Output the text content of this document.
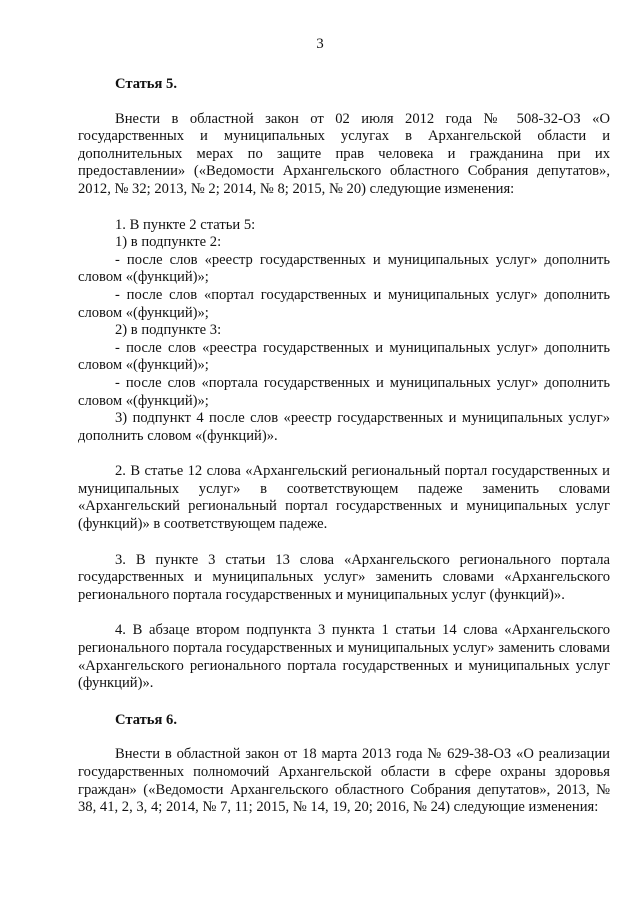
3

Статья 5.

Внести в областной закон от 02 июля 2012 года № 508-32-ОЗ «О государственных и муниципальных услугах в Архангельской области и дополнительных мерах по защите прав человека и гражданина при их предоставлении» («Ведомости Архангельского областного Собрания депутатов», 2012, № 32; 2013, № 2; 2014, № 8; 2015, № 20) следующие изменения:

1. В пункте 2 статьи 5:

1) в подпункте 2:

- после слов «реестр государственных и муниципальных услуг» дополнить словом «(функций)»;

- после слов «портал государственных и муниципальных услуг» дополнить словом «(функций)»;

2) в подпункте 3:

- после слов «реестра государственных и муниципальных услуг» дополнить словом «(функций)»;

- после слов «портала государственных и муниципальных услуг» дополнить словом «(функций)»;

3) подпункт 4 после слов «реестр государственных и муниципальных услуг» дополнить словом «(функций)».

2. В статье 12 слова «Архангельский региональный портал государственных и муниципальных услуг» в соответствующем падеже заменить словами «Архангельский региональный портал государственных и муниципальных услуг (функций)» в соответствующем падеже.

3. В пункте 3 статьи 13 слова «Архангельского регионального портала государственных и муниципальных услуг» заменить словами «Архангельского регионального портала государственных и муниципальных услуг (функций)».

4. В абзаце втором подпункта 3 пункта 1 статьи 14 слова «Архангельского регионального портала государственных и муниципальных услуг» заменить словами «Архангельского регионального портала государственных и муниципальных услуг (функций)».

Статья 6.

Внести в областной закон от 18 марта 2013 года № 629-38-ОЗ «О реализации государственных полномочий Архангельской области в сфере охраны здоровья граждан» («Ведомости Архангельского областного Собрания депутатов», 2013, № 38, 41, 2, 3, 4; 2014, № 7, 11; 2015, № 14, 19, 20; 2016, № 24) следующие изменения:
